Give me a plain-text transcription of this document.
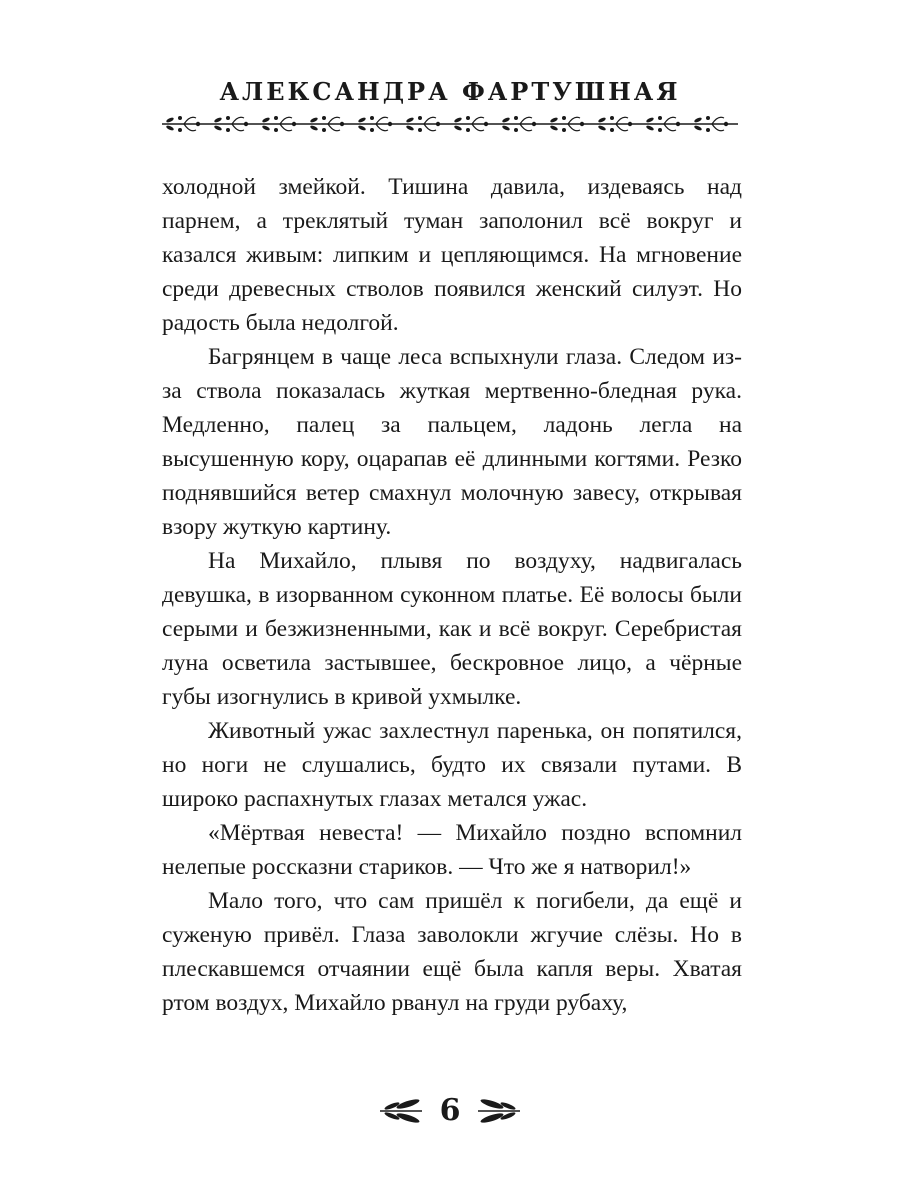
АЛЕКСАНДРА ФАРТУШНАЯ

холодной змейкой. Тишина давила, издеваясь над парнем, а треклятый туман заполонил всё вокруг и казался живым: липким и цепляющимся. На мгновение среди древесных стволов появился женский силуэт. Но радость была недолгой.

Багрянцем в чаще леса вспыхнули глаза. Следом из-за ствола показалась жуткая мертвенно-бледная рука. Медленно, палец за пальцем, ладонь легла на высушенную кору, оцарапав её длинными когтями. Резко поднявшийся ветер смахнул молочную завесу, открывая взору жуткую картину.

На Михайло, плывя по воздуху, надвигалась девушка, в изорванном суконном платье. Её волосы были серыми и безжизненными, как и всё вокруг. Серебристая луна осветила застывшее, бескровное лицо, а чёрные губы изогнулись в кривой ухмылке.

Животный ужас захлестнул паренька, он попятился, но ноги не слушались, будто их связали путами. В широко распахнутых глазах метался ужас.

«Мёртвая невеста! — Михайло поздно вспомнил нелепые россказни стариков. — Что же я натворил!»

Мало того, что сам пришёл к погибели, да ещё и суженую привёл. Глаза заволокли жгучие слёзы. Но в плескавшемся отчаянии ещё была капля веры. Хватая ртом воздух, Михайло рванул на груди рубаху,

6
